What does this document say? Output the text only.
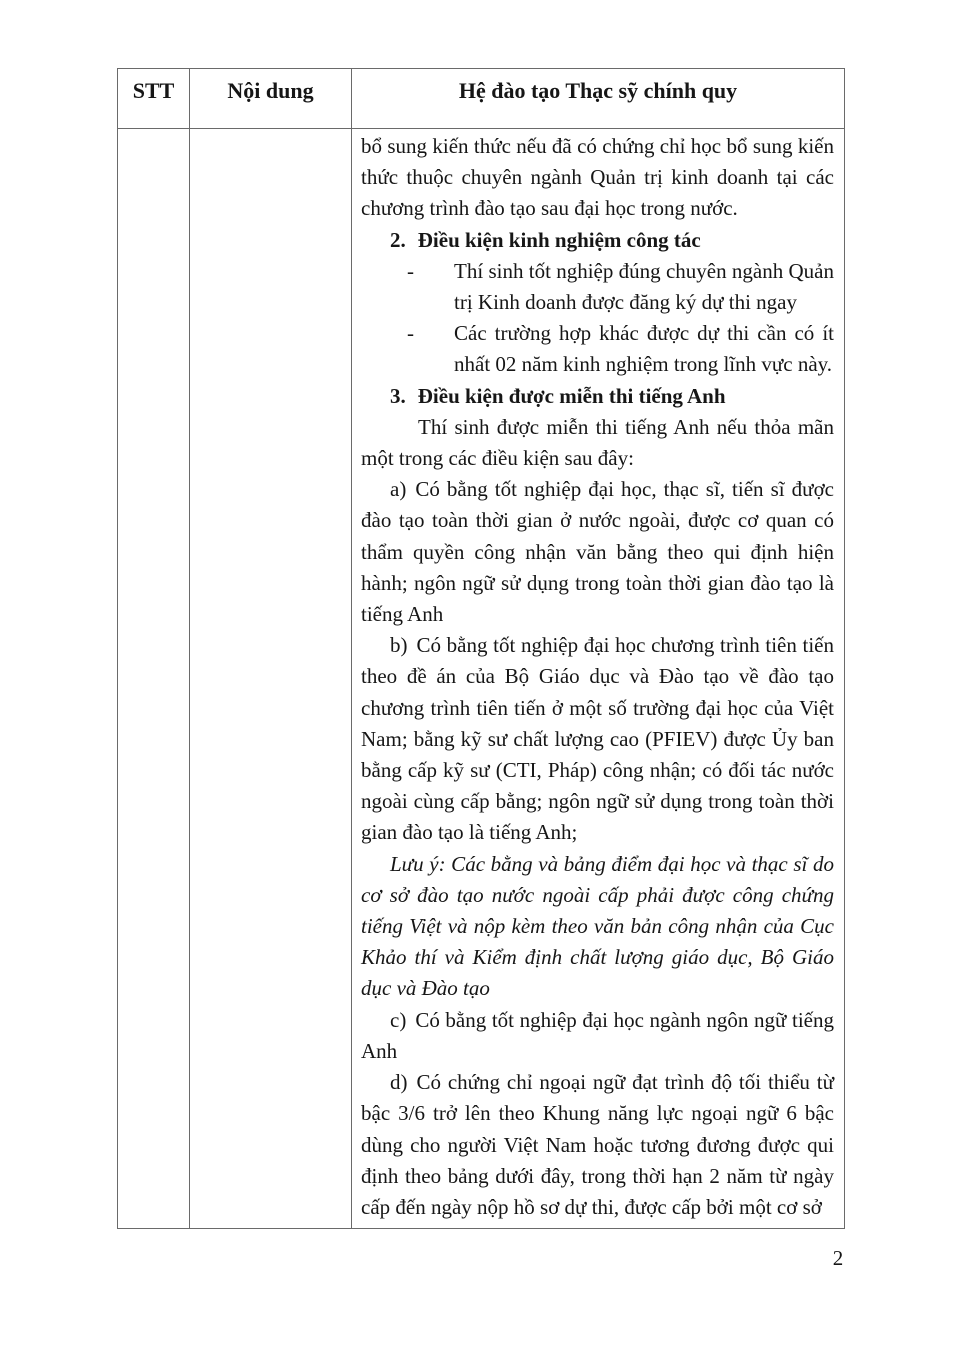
STT	Nội dung	Hệ đào tạo Thạc sỹ chính quy

bổ sung kiến thức nếu đã có chứng chỉ học bổ sung kiến thức thuộc chuyên ngành Quản trị kinh doanh tại các chương trình đào tạo sau đại học trong nước.

2. Điều kiện kinh nghiệm công tác

-	Thí sinh tốt nghiệp đúng chuyên ngành Quản trị Kinh doanh được đăng ký dự thi ngay
-	Các trường hợp khác được dự thi cần có ít nhất 02 năm kinh nghiệm trong lĩnh vực này.

3. Điều kiện được miễn thi tiếng Anh

Thí sinh được miễn thi tiếng Anh nếu thỏa mãn một trong các điều kiện sau đây:

a) Có bằng tốt nghiệp đại học, thạc sĩ, tiến sĩ được đào tạo toàn thời gian ở nước ngoài, được cơ quan có thẩm quyền công nhận văn bằng theo qui định hiện hành; ngôn ngữ sử dụng trong toàn thời gian đào tạo là tiếng Anh

b) Có bằng tốt nghiệp đại học chương trình tiên tiến theo đề án của Bộ Giáo dục và Đào tạo về đào tạo chương trình tiên tiến ở một số trường đại học của Việt Nam; bằng kỹ sư chất lượng cao (PFIEV) được Ủy ban bằng cấp kỹ sư (CTI, Pháp) công nhận; có đối tác nước ngoài cùng cấp bằng; ngôn ngữ sử dụng trong toàn thời gian đào tạo là tiếng Anh;

Lưu ý: Các bằng và bảng điểm đại học và thạc sĩ do cơ sở đào tạo nước ngoài cấp phải được công chứng tiếng Việt và nộp kèm theo văn bản công nhận của Cục Khảo thí và Kiểm định chất lượng giáo dục, Bộ Giáo dục và Đào tạo

c) Có bằng tốt nghiệp đại học ngành ngôn ngữ tiếng Anh

d) Có chứng chỉ ngoại ngữ đạt trình độ tối thiểu từ bậc 3/6 trở lên theo Khung năng lực ngoại ngữ 6 bậc dùng cho người Việt Nam hoặc tương đương được qui định theo bảng dưới đây, trong thời hạn 2 năm từ ngày cấp đến ngày nộp hồ sơ dự thi, được cấp bởi một cơ sở

2
